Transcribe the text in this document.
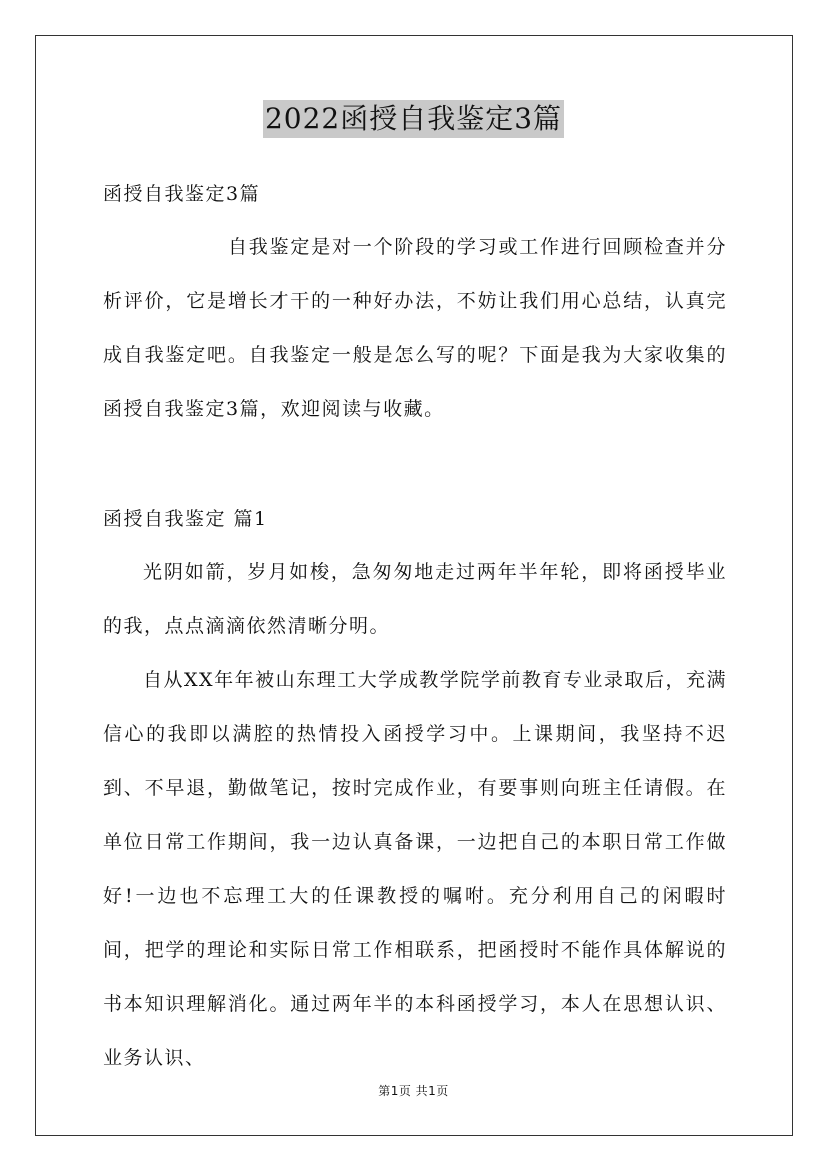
2022函授自我鉴定3篇

函授自我鉴定3篇

自我鉴定是对一个阶段的学习或工作进行回顾检查并分析评价，它是增长才干的一种好办法，不妨让我们用心总结，认真完成自我鉴定吧。自我鉴定一般是怎么写的呢？下面是我为大家收集的函授自我鉴定3篇，欢迎阅读与收藏。

函授自我鉴定 篇1

光阴如箭，岁月如梭，急匆匆地走过两年半年轮，即将函授毕业的我，点点滴滴依然清晰分明。

自从XX年年被山东理工大学成教学院学前教育专业录取后，充满信心的我即以满腔的热情投入函授学习中。上课期间，我坚持不迟到、不早退，勤做笔记，按时完成作业，有要事则向班主任请假。在单位日常工作期间，我一边认真备课，一边把自己的本职日常工作做好!一边也不忘理工大的任课教授的嘱咐。充分利用自己的闲暇时间，把学的理论和实际日常工作相联系，把函授时不能作具体解说的书本知识理解消化。通过两年半的本科函授学习，本人在思想认识、业务认识、

第1页 共1页
